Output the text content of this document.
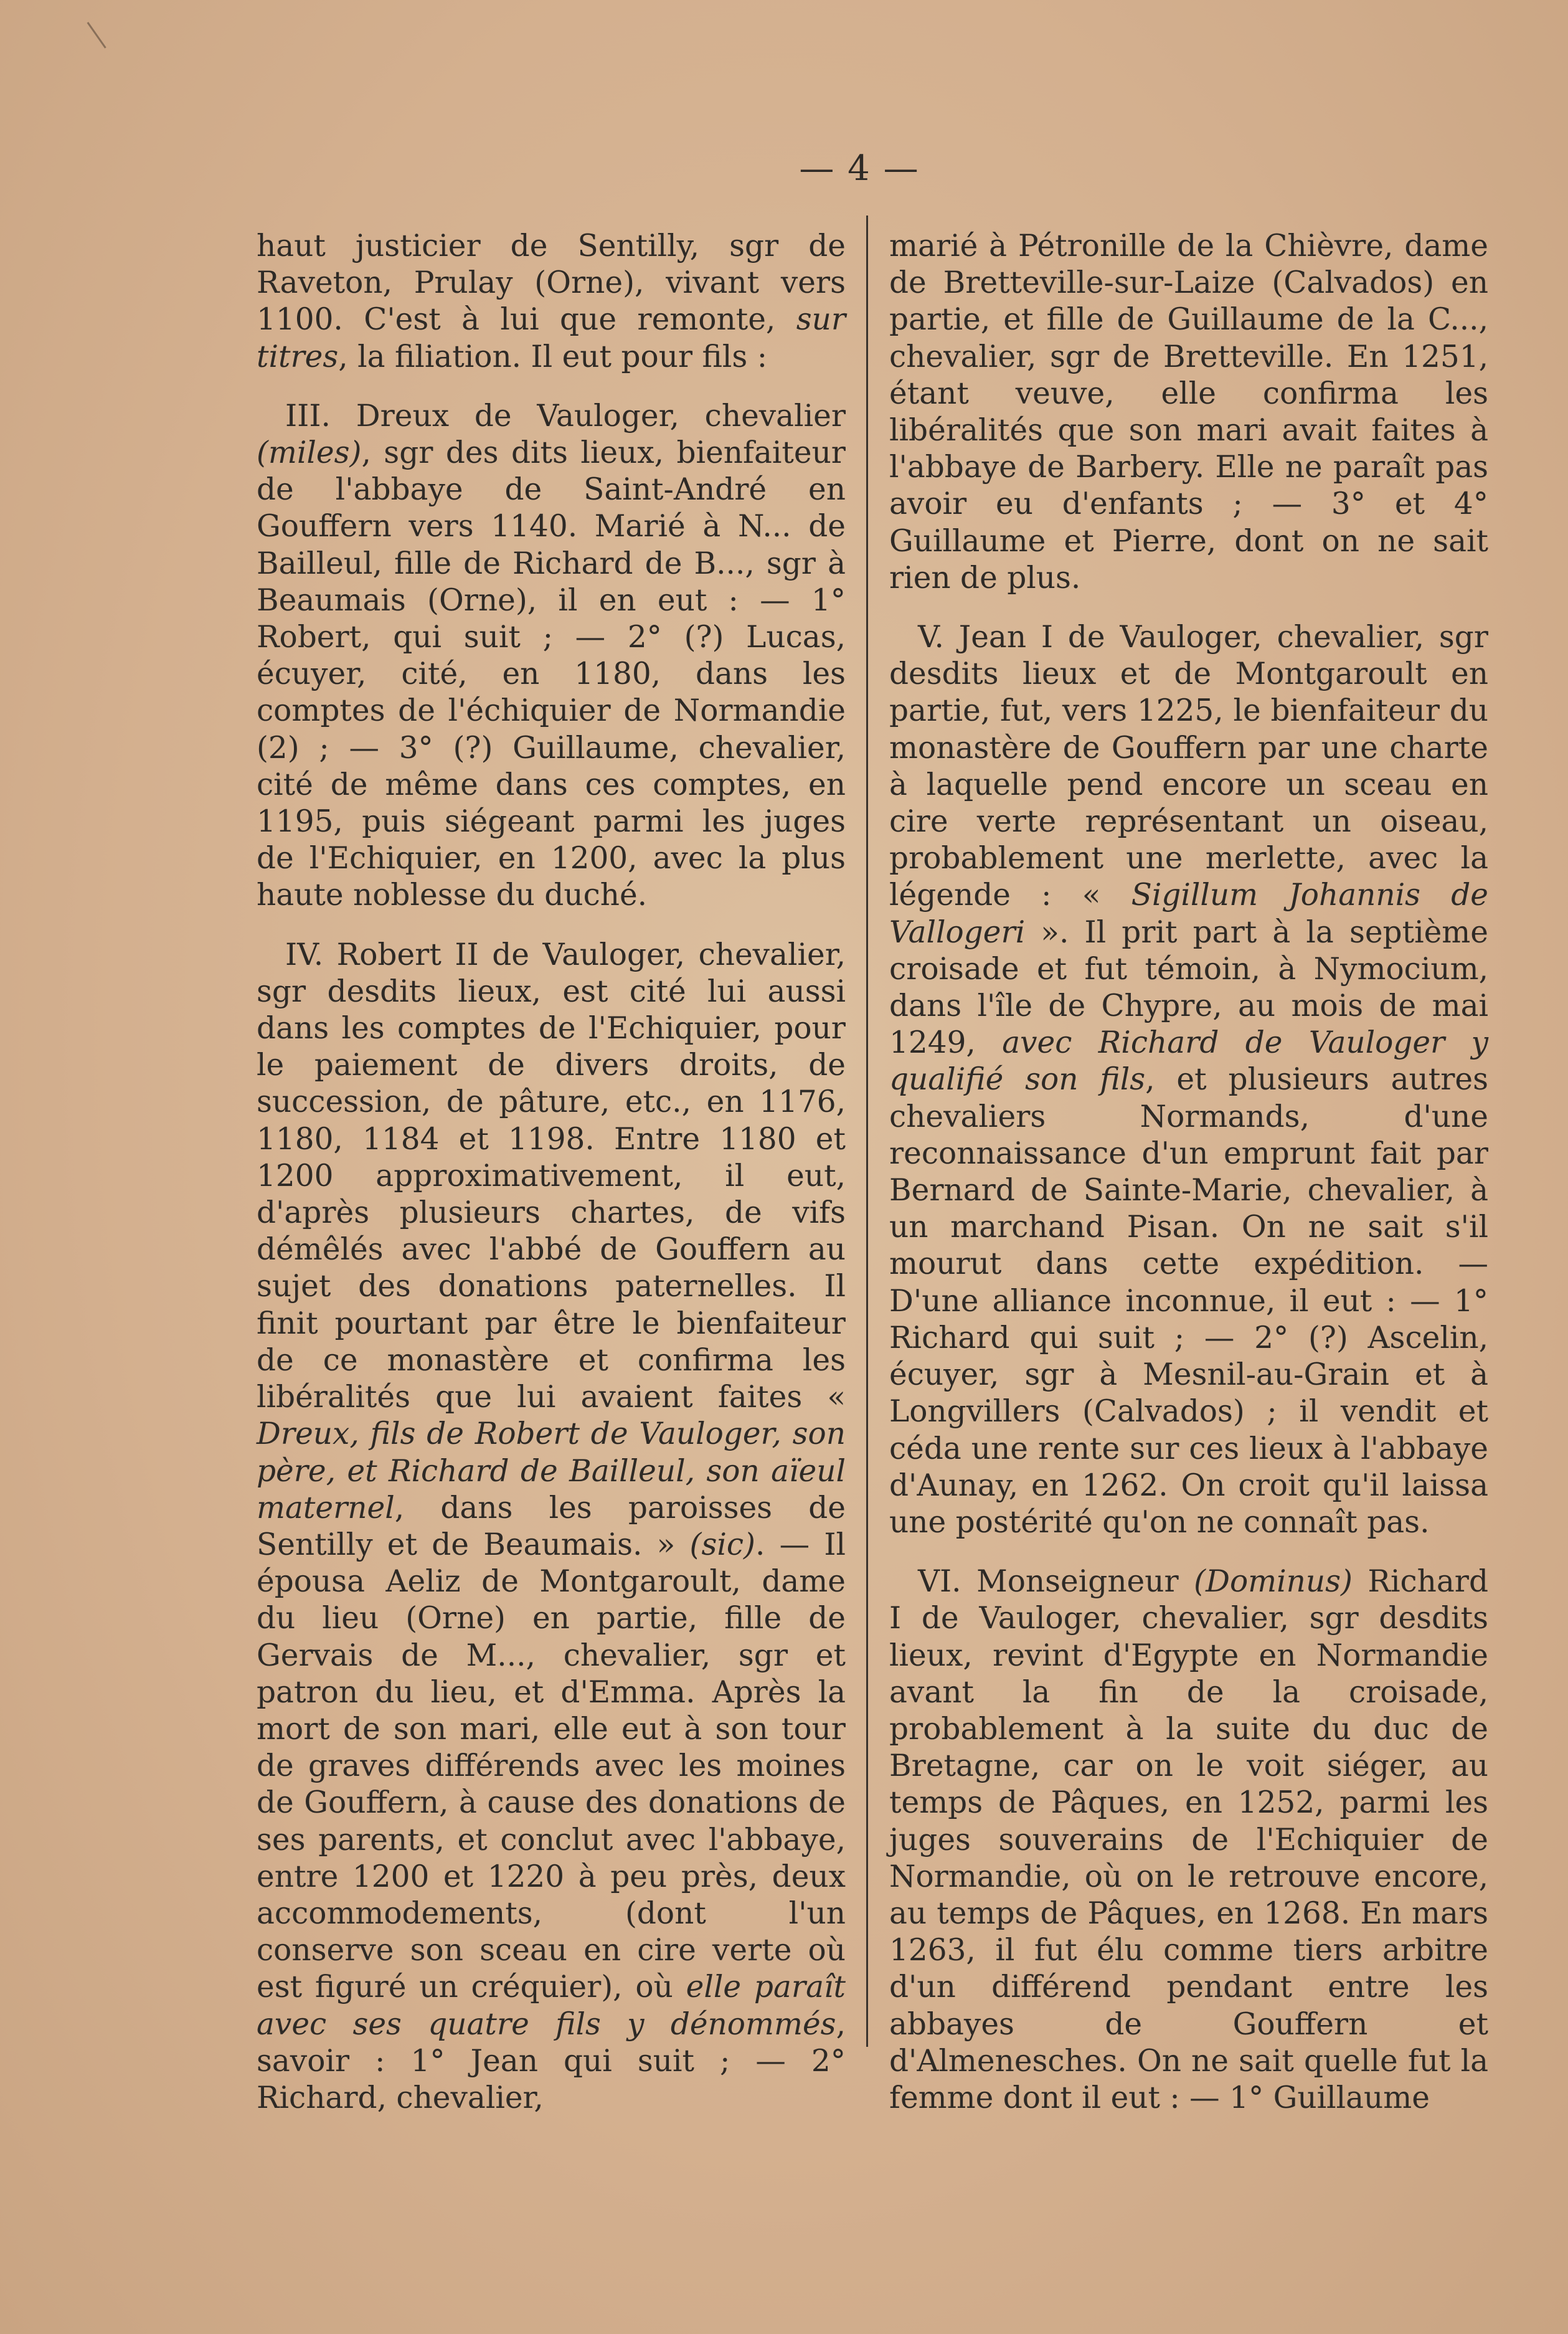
— 4 —

haut justicier de Sentilly, sgr de Raveton, Prulay (Orne), vivant vers 1100. C'est à lui que remonte, sur titres, la filiation. Il eut pour fils :

III. Dreux de Vauloger, chevalier (miles), sgr des dits lieux, bienfaiteur de l'abbaye de Saint-André en Gouffern vers 1140. Marié à N... de Bailleul, fille de Richard de B..., sgr à Beaumais (Orne), il en eut : — 1° Robert, qui suit ; — 2° (?) Lucas, écuyer, cité, en 1180, dans les comptes de l'échiquier de Normandie (2) ; — 3° (?) Guillaume, chevalier, cité de même dans ces comptes, en 1195, puis siégeant parmi les juges de l'Echiquier, en 1200, avec la plus haute noblesse du duché.

IV. Robert II de Vauloger, chevalier, sgr desdits lieux, est cité lui aussi dans les comptes de l'Echiquier, pour le paiement de divers droits, de succession, de pâture, etc., en 1176, 1180, 1184 et 1198. Entre 1180 et 1200 approximativement, il eut, d'après plusieurs chartes, de vifs démêlés avec l'abbé de Gouffern au sujet des donations paternelles. Il finit pourtant par être le bienfaiteur de ce monastère et confirma les libéralités que lui avaient faites « Dreux, fils de Robert de Vauloger, son père, et Richard de Bailleul, son aïeul maternel, dans les paroisses de Sentilly et de Beaumais. » (sic). — Il épousa Aeliz de Montgaroult, dame du lieu (Orne) en partie, fille de Gervais de M..., chevalier, sgr et patron du lieu, et d'Emma. Après la mort de son mari, elle eut à son tour de graves différends avec les moines de Gouffern, à cause des donations de ses parents, et conclut avec l'abbaye, entre 1200 et 1220 à peu près, deux accommodements, (dont l'un conserve son sceau en cire verte où est figuré un créquier), où elle paraît avec ses quatre fils y dénommés, savoir : 1° Jean qui suit ; — 2° Richard, chevalier,

marié à Pétronille de la Chièvre, dame de Bretteville-sur-Laize (Calvados) en partie, et fille de Guillaume de la C..., chevalier, sgr de Bretteville. En 1251, étant veuve, elle confirma les libéralités que son mari avait faites à l'abbaye de Barbery. Elle ne paraît pas avoir eu d'enfants ; — 3° et 4° Guillaume et Pierre, dont on ne sait rien de plus.

V. Jean I de Vauloger, chevalier, sgr desdits lieux et de Montgaroult en partie, fut, vers 1225, le bienfaiteur du monastère de Gouffern par une charte à laquelle pend encore un sceau en cire verte représentant un oiseau, probablement une merlette, avec la légende : « Sigillum Johannis de Vallogeri ». Il prit part à la septième croisade et fut témoin, à Nymocium, dans l'île de Chypre, au mois de mai 1249, avec Richard de Vauloger y qualifié son fils, et plusieurs autres chevaliers Normands, d'une reconnaissance d'un emprunt fait par Bernard de Sainte-Marie, chevalier, à un marchand Pisan. On ne sait s'il mourut dans cette expédition. — D'une alliance inconnue, il eut : — 1° Richard qui suit ; — 2° (?) Ascelin, écuyer, sgr à Mesnil-au-Grain et à Longvillers (Calvados) ; il vendit et céda une rente sur ces lieux à l'abbaye d'Aunay, en 1262. On croit qu'il laissa une postérité qu'on ne connaît pas.

VI. Monseigneur (Dominus) Richard I de Vauloger, chevalier, sgr desdits lieux, revint d'Egypte en Normandie avant la fin de la croisade, probablement à la suite du duc de Bretagne, car on le voit siéger, au temps de Pâques, en 1252, parmi les juges souverains de l'Echiquier de Normandie, où on le retrouve encore, au temps de Pâques, en 1268. En mars 1263, il fut élu comme tiers arbitre d'un différend pendant entre les abbayes de Gouffern et d'Almenesches. On ne sait quelle fut la femme dont il eut : — 1° Guillaume
